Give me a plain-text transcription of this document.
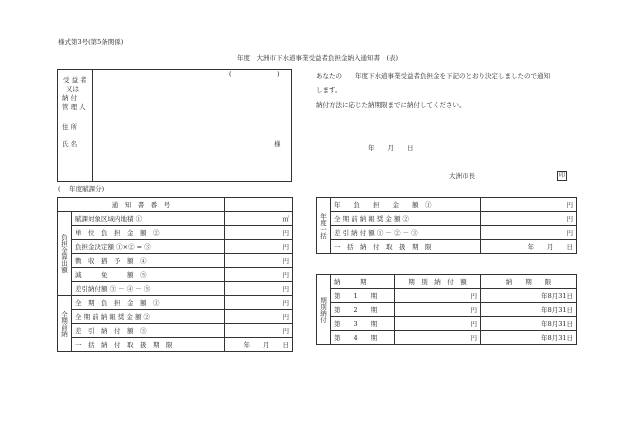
様式第3号(第5条関係)
年度　大洲市下水道事業受益者負担金納入通知書　(表)
受 益 者
又は
納 付
管 理 人
住 所
氏 名
(　　　　　　　)
様
あなたの　　年度下水道事業受益者負担金を下記のとおり決定しましたので通知
します。
納付方法に応じた納期限までに納付してください。
年　　月　　日
大洲市長	印
(　 年度賦課分)
通　知　書　番　号		
負担金算出額	賦課対象区域内地積 ①	㎡
	単　位　負　担　金　額　②	円
	負担金決定額 ①×② = ③	円
	徴　収　猶　予　額　④	円
	減　　　免　　　額　⑤	円
	差引納付額 ③ － ④ － ⑤	円
全期前納	全　期　負　担　金　額　①	円
	全 期 前 納 報 奨 金 額 ②	円
	差　引　納　付　額　③	円
	一　括　納　付　取　扱　期　限	年　　月　　日
年度一括	年　　負　　担　　金　　額　①	円
	全 期 前 納 報 奨 金 額 ②	円
	差 引 納 付 額 ① － ② － ③	円
	一　括　納　付　取　扱　期　限	年　　月　　日
期別納付	納　　　期	期　別　納　付　額	納　　期　　限
	第　　1　　期	円	年8月31日
	第　　2　　期	円	年8月31日
	第　　3　　期	円	年8月31日
	第　　4　　期	円	年8月31日
